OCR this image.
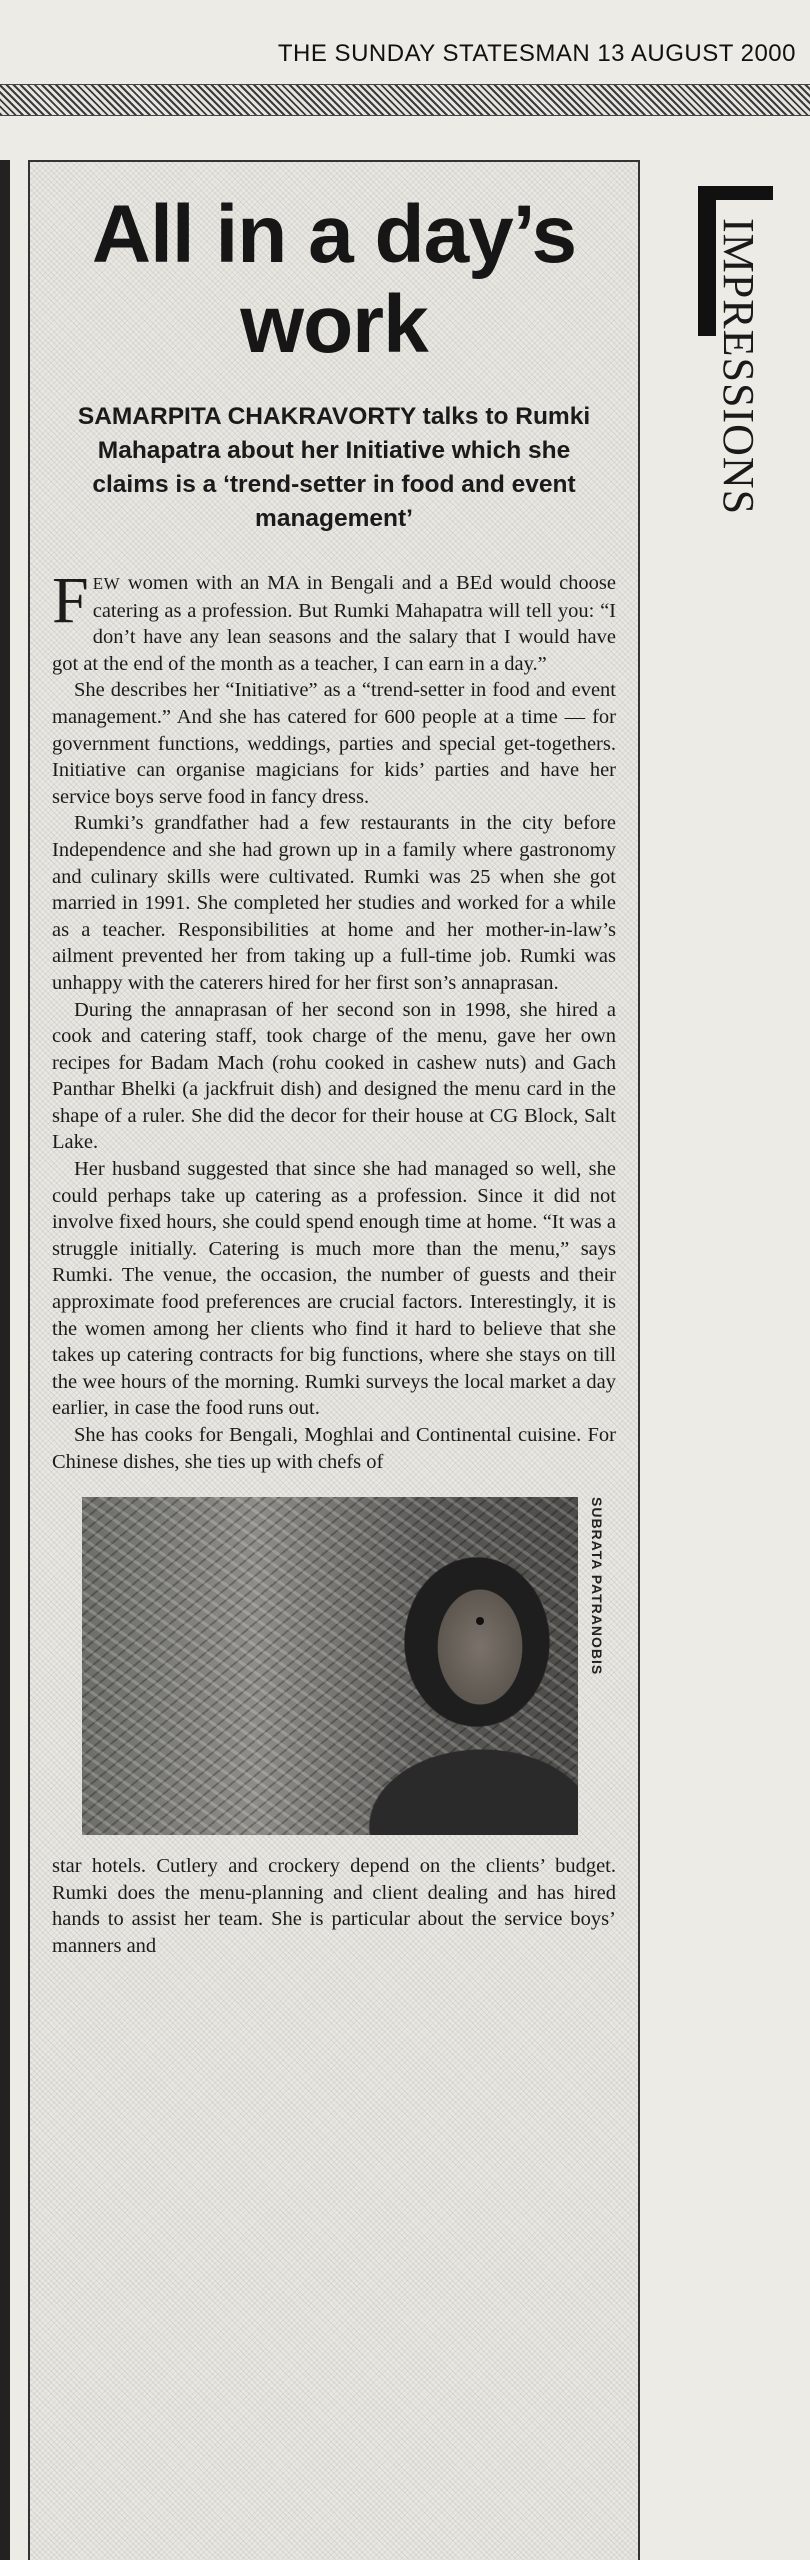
THE SUNDAY STATESMAN 13 AUGUST 2000
IMPRESSIONS
All in a day’s work
SAMARPITA CHAKRAVORTY talks to Rumki Mahapatra about her Initiative which she claims is a ‘trend-setter in food and event management’

FEW women with an MA in Bengali and a BEd would choose catering as a profession. But Rumki Mahapatra will tell you: “I don’t have any lean seasons and the salary that I would have got at the end of the month as a teacher, I can earn in a day.”

She describes her “Initiative” as a “trend-setter in food and event management.” And she has catered for 600 people at a time — for government functions, weddings, parties and special get-togethers. Initiative can organise magicians for kids’ parties and have her service boys serve food in fancy dress.

Rumki’s grandfather had a few restaurants in the city before Independence and she had grown up in a family where gastronomy and culinary skills were cultivated. Rumki was 25 when she got married in 1991. She completed her studies and worked for a while as a teacher. Responsibilities at home and her mother-in-law’s ailment prevented her from taking up a full-time job. Rumki was unhappy with the caterers hired for her first son’s annaprasan.

During the annaprasan of her second son in 1998, she hired a cook and catering staff, took charge of the menu, gave her own recipes for Badam Mach (rohu cooked in cashew nuts) and Gach Panthar Bhelki (a jackfruit dish) and designed the menu card in the shape of a ruler. She did the decor for their house at CG Block, Salt Lake.

Her husband suggested that since she had managed so well, she could perhaps take up catering as a profession. Since it did not involve fixed hours, she could spend enough time at home. “It was a struggle initially. Catering is much more than the menu,” says Rumki. The venue, the occasion, the number of guests and their approximate food preferences are crucial factors. Interestingly, it is the women among her clients who find it hard to believe that she takes up catering contracts for big functions, where she stays on till the wee hours of the morning. Rumki surveys the local market a day earlier, in case the food runs out.

She has cooks for Bengali, Moghlai and Continental cuisine. For Chinese dishes, she ties up with chefs of

SUBRATA PATRANOBIS

star hotels. Cutlery and crockery depend on the clients’ budget. Rumki does the menu-planning and client dealing and has hired hands to assist her team. She is particular about the service boys’ manners and
